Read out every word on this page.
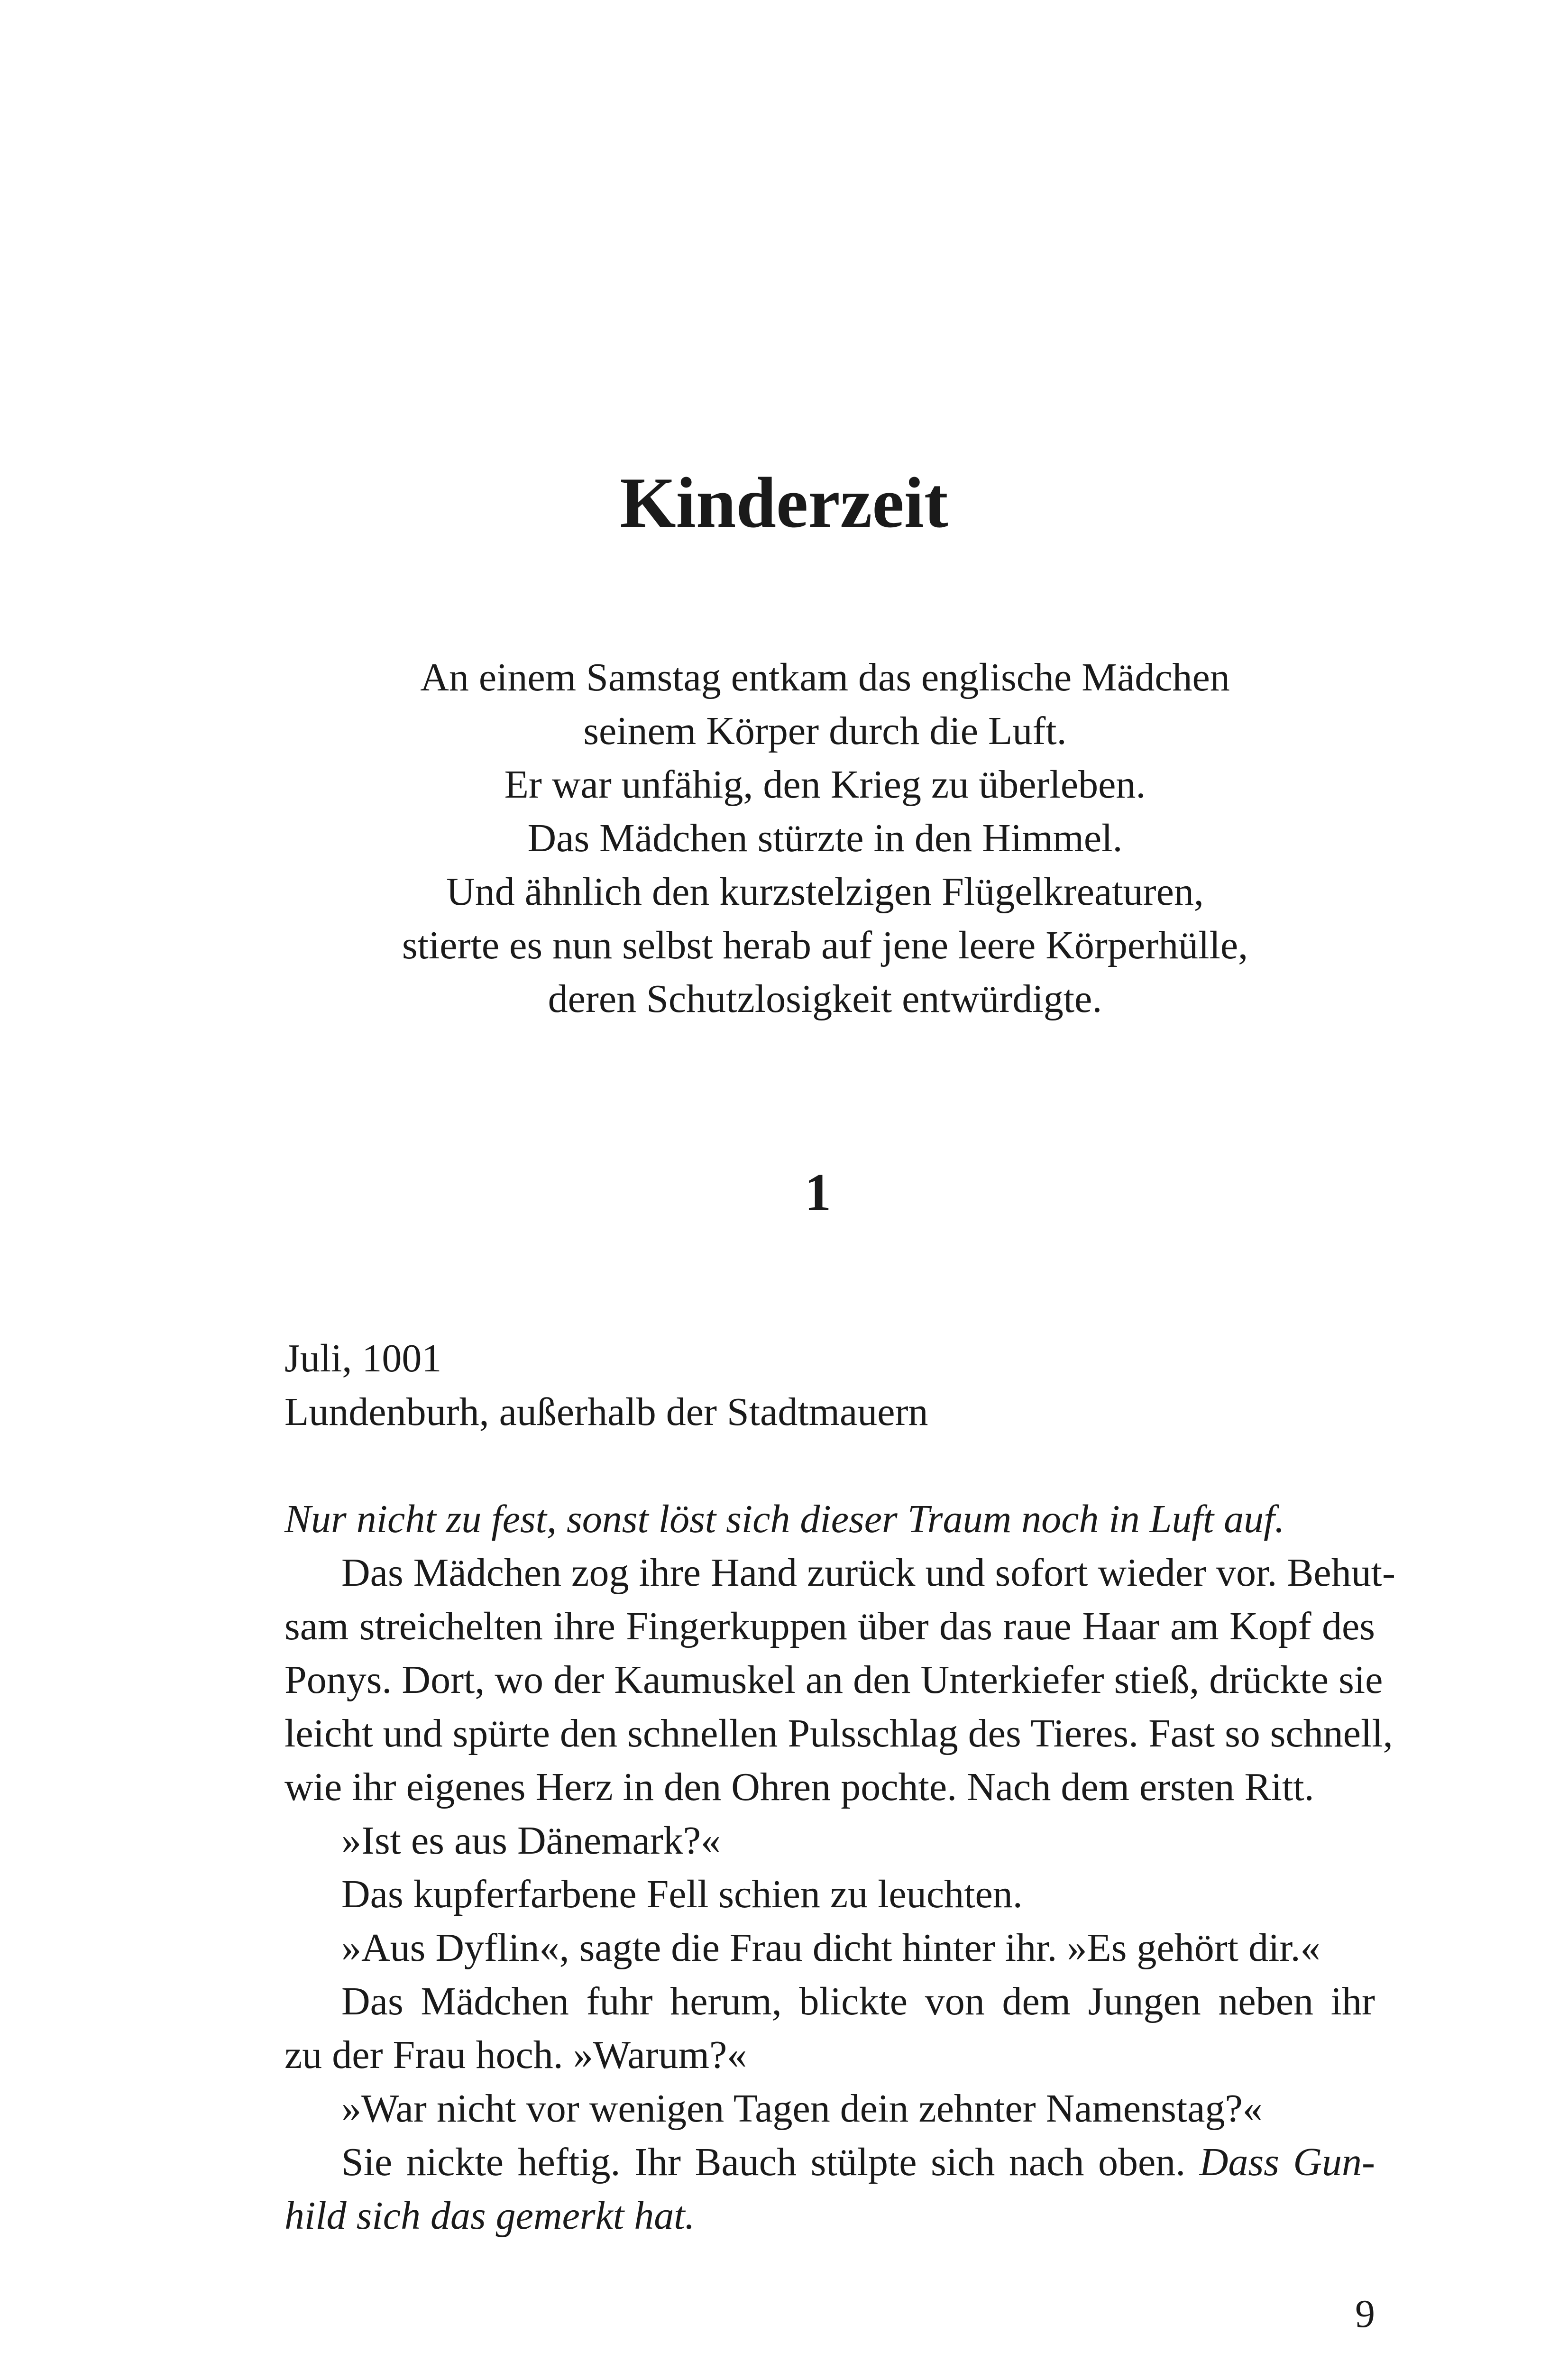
Kinderzeit
An einem Samstag entkam das englische Mädchen
seinem Körper durch die Luft.
Er war unfähig, den Krieg zu überleben.
Das Mädchen stürzte in den Himmel.
Und ähnlich den kurzstelzigen Flügelkreaturen,
stierte es nun selbst herab auf jene leere Körperhülle,
deren Schutzlosigkeit entwürdigte.
1
Juli, 1001
Lundenburh, außerhalb der Stadtmauern
Nur nicht zu fest, sonst löst sich dieser Traum noch in Luft auf.
Das Mädchen zog ihre Hand zurück und sofort wieder vor. Behut-
sam streichelten ihre Fingerkuppen über das raue Haar am Kopf des
Ponys. Dort, wo der Kaumuskel an den Unterkiefer stieß, drückte sie
leicht und spürte den schnellen Pulsschlag des Tieres. Fast so schnell,
wie ihr eigenes Herz in den Ohren pochte. Nach dem ersten Ritt.
»Ist es aus Dänemark?«
Das kupferfarbene Fell schien zu leuchten.
»Aus Dyflin«, sagte die Frau dicht hinter ihr. »Es gehört dir.«
Das Mädchen fuhr herum, blickte von dem Jungen neben ihr
zu der Frau hoch. »Warum?«
»War nicht vor wenigen Tagen dein zehnter Namenstag?«
Sie nickte heftig. Ihr Bauch stülpte sich nach oben. Dass Gun-
hild sich das gemerkt hat.
9
